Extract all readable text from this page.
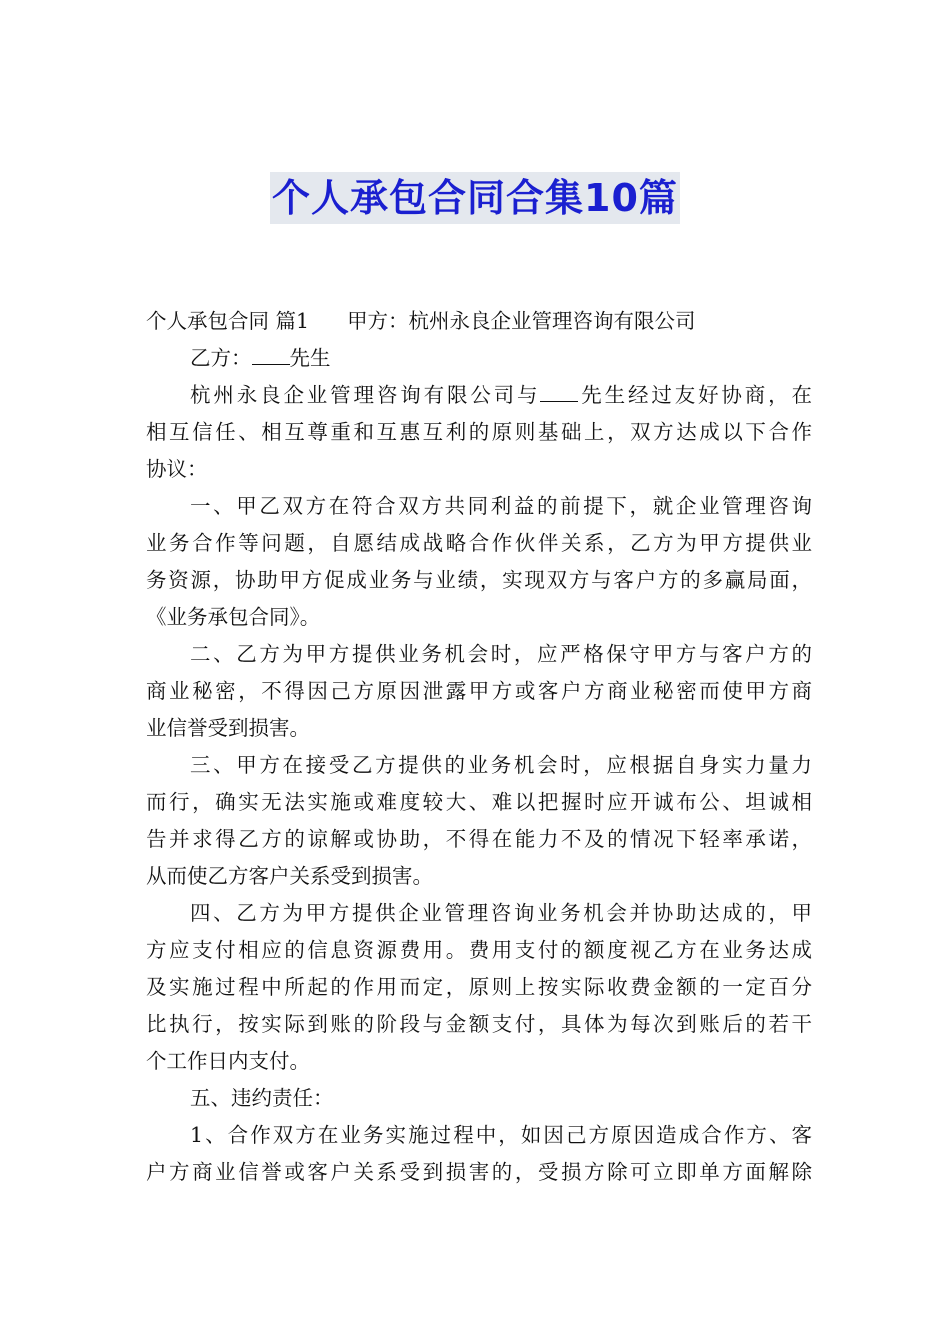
个人承包合同合集10篇
个人承包合同 篇1 甲方：杭州永良企业管理咨询有限公司
乙方： 先生
杭州永良企业管理咨询有限公司与 先生经过友好协商，在
相互信任、相互尊重和互惠互利的原则基础上，双方达成以下合作
协议：
一、甲乙双方在符合双方共同利益的前提下，就企业管理咨询
业务合作等问题，自愿结成战略合作伙伴关系，乙方为甲方提供业
务资源，协助甲方促成业务与业绩，实现双方与客户方的多赢局面，
《业务承包合同》。
二、乙方为甲方提供业务机会时，应严格保守甲方与客户方的
商业秘密，不得因己方原因泄露甲方或客户方商业秘密而使甲方商
业信誉受到损害。
三、甲方在接受乙方提供的业务机会时，应根据自身实力量力
而行，确实无法实施或难度较大、难以把握时应开诚布公、坦诚相
告并求得乙方的谅解或协助，不得在能力不及的情况下轻率承诺，
从而使乙方客户关系受到损害。
四、乙方为甲方提供企业管理咨询业务机会并协助达成的，甲
方应支付相应的信息资源费用。费用支付的额度视乙方在业务达成
及实施过程中所起的作用而定，原则上按实际收费金额的一定百分
比执行，按实际到账的阶段与金额支付，具体为每次到账后的若干
个工作日内支付。
五、违约责任：
1、合作双方在业务实施过程中，如因己方原因造成合作方、客
户方商业信誉或客户关系受到损害的，受损方除可立即单方面解除
